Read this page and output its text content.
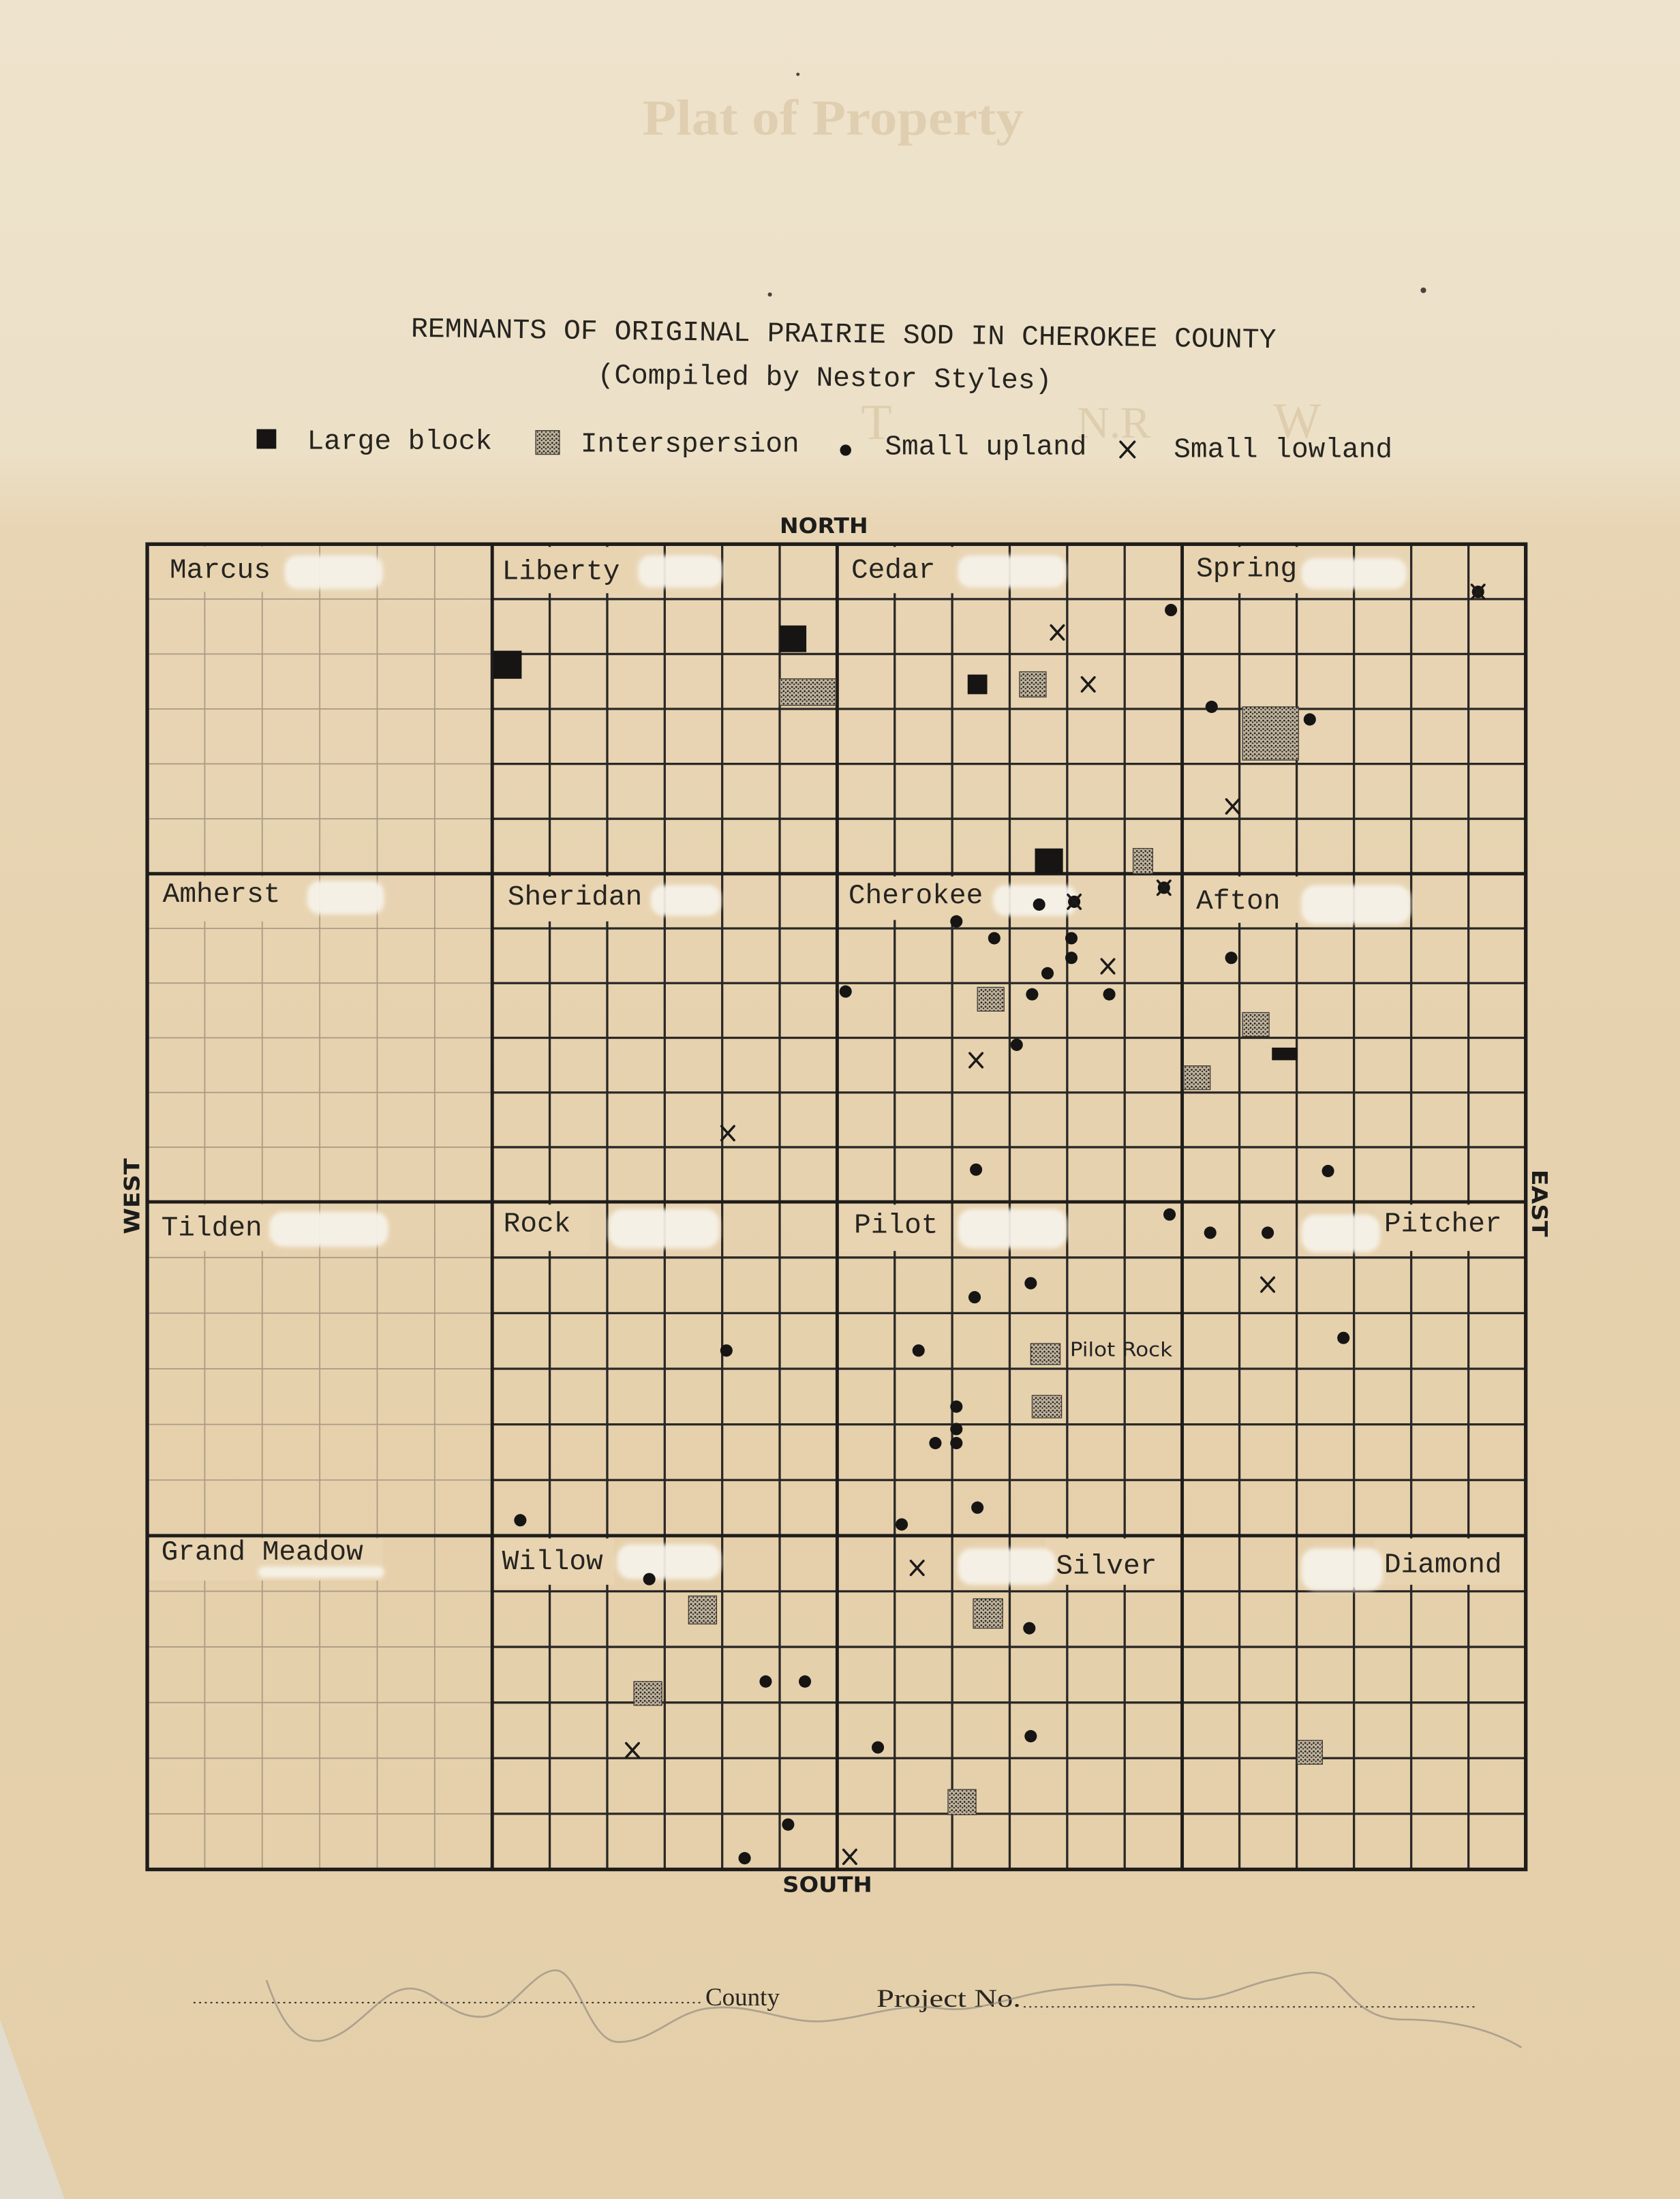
Plat of Property
T	N.R	W
REMNANTS OF ORIGINAL PRAIRIE SOD IN CHEROKEE COUNTY
(Compiled by Nestor Styles)
Large block	Interspersion	Small upland	Small lowland
NORTH
SOUTH
WEST	EAST
Marcus	Liberty	Cedar	Spring
Amherst	Sheridan	Cherokee	Afton
Tilden	Rock	Pilot	Pitcher
Grand Meadow	Willow	Silver	Diamond
Pilot Rock
County	Project No.
